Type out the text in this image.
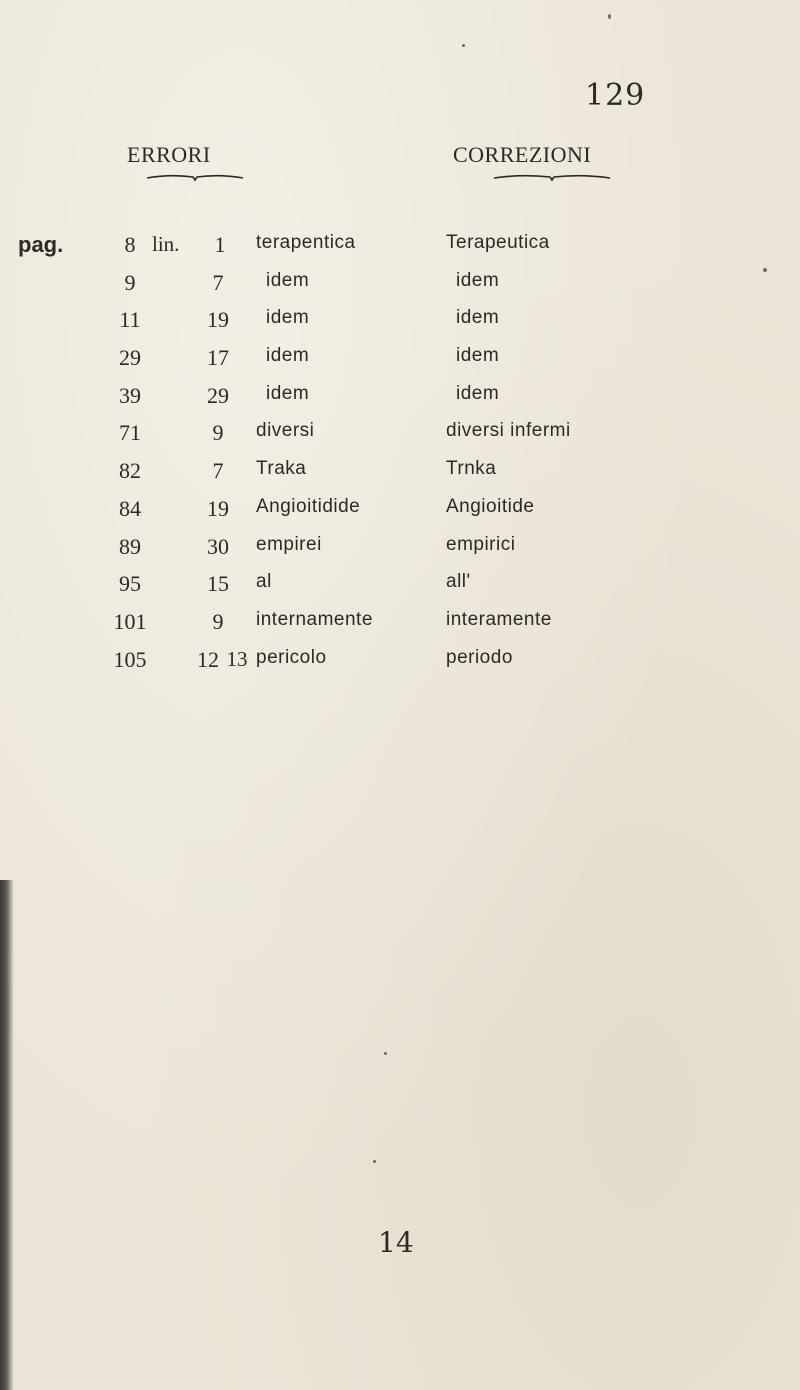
129
ERRORI	CORREZIONI
pag.	lin.
8	1	terapentica	Terapeutica
9	7	idem	idem
11	19	idem	idem
29	17	idem	idem
39	29	idem	idem
71	9	diversi	diversi infermi
82	7	Traka	Trnka
84	19	Angioitidide	Angioitide
89	30	empirei	empirici
95	15	al	all'
101	9	internamente	interamente
105	12 13 pericolo	periodo
14
